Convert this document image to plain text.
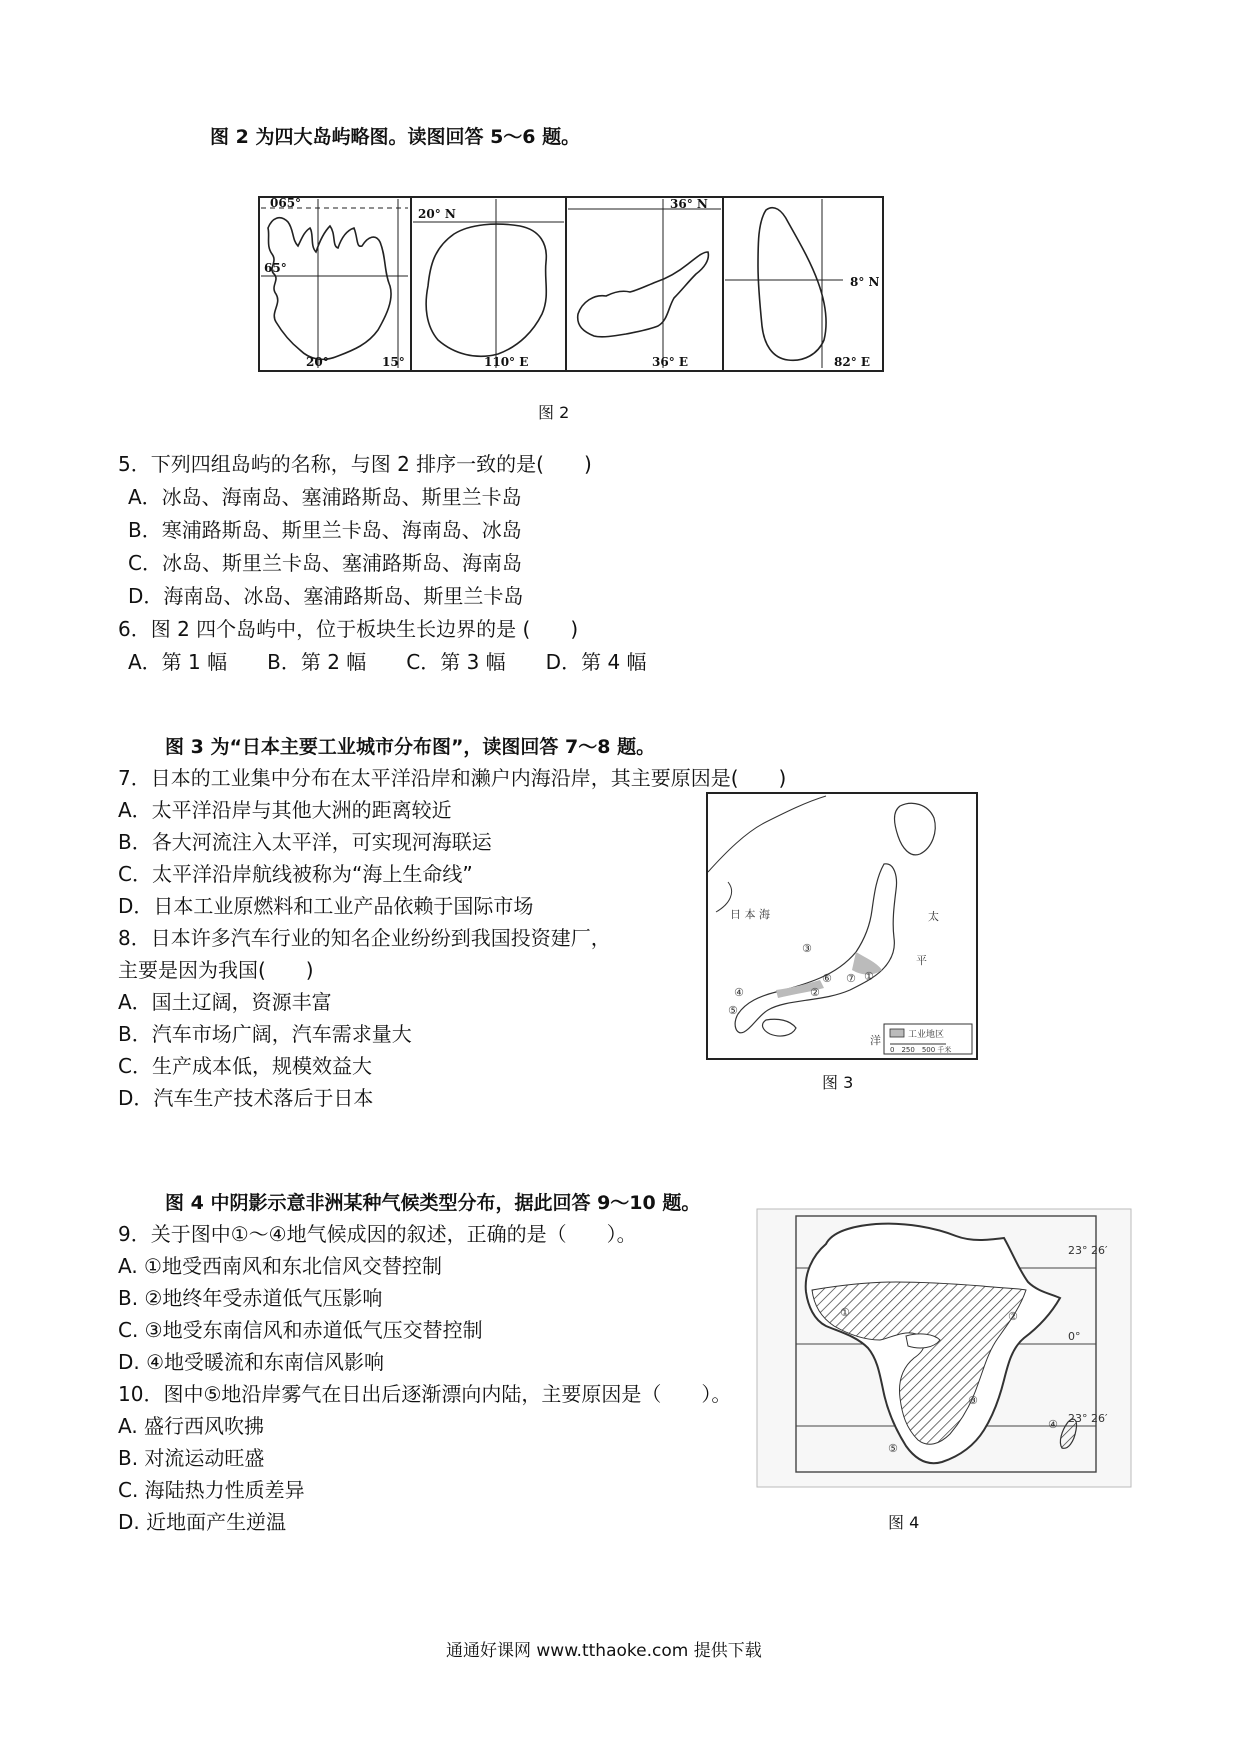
图 2 为四大岛屿略图。读图回答 5～6 题。
065°
65°
20°	15°
20° N
110° E
36° N
36° E
8° N
82° E
图 2
5．下列四组岛屿的名称，与图 2 排序一致的是(　　)
A．冰岛、海南岛、塞浦路斯岛、斯里兰卡岛
B．寒浦路斯岛、斯里兰卡岛、海南岛、冰岛
C．冰岛、斯里兰卡岛、塞浦路斯岛、海南岛
D．海南岛、冰岛、塞浦路斯岛、斯里兰卡岛
6．图 2 四个岛屿中，位于板块生长边界的是 (　　)
A．第 1 幅　　B．第 2 幅　　C．第 3 幅　　D．第 4 幅
图 3 为“日本主要工业城市分布图”，读图回答 7～8 题。
7．日本的工业集中分布在太平洋沿岸和濑户内海沿岸，其主要原因是(　　)
A．太平洋沿岸与其他大洲的距离较近
B．各大河流注入太平洋，可实现河海联运
C．太平洋沿岸航线被称为“海上生命线”
D．日本工业原燃料和工业产品依赖于国际市场
8．日本许多汽车行业的知名企业纷纷到我国投资建厂，
主要是因为我国(　　)
A．国土辽阔，资源丰富
B．汽车市场广阔，汽车需求量大
C．生产成本低，规模效益大
D．汽车生产技术落后于日本
日 本 海	太
平
洋
①
②
③
④
⑤
⑥ ⑦
工业地区
0　250　500 千米
图 3
图 4 中阴影示意非洲某种气候类型分布，据此回答 9～10 题。
9．关于图中①～④地气候成因的叙述，正确的是（　　）。
A. ①地受西南风和东北信风交替控制
B. ②地终年受赤道低气压影响
C. ③地受东南信风和赤道低气压交替控制
D. ④地受暖流和东南信风影响
10．图中⑤地沿岸雾气在日出后逐渐漂向内陆，主要原因是（　　）。
A. 盛行西风吹拂
B. 对流运动旺盛
C. 海陆热力性质差异
D. 近地面产生逆温
23° 26′
0°
23° 26′
①	②
③
④
⑤
图 4
通通好课网 www.tthaoke.com 提供下载
